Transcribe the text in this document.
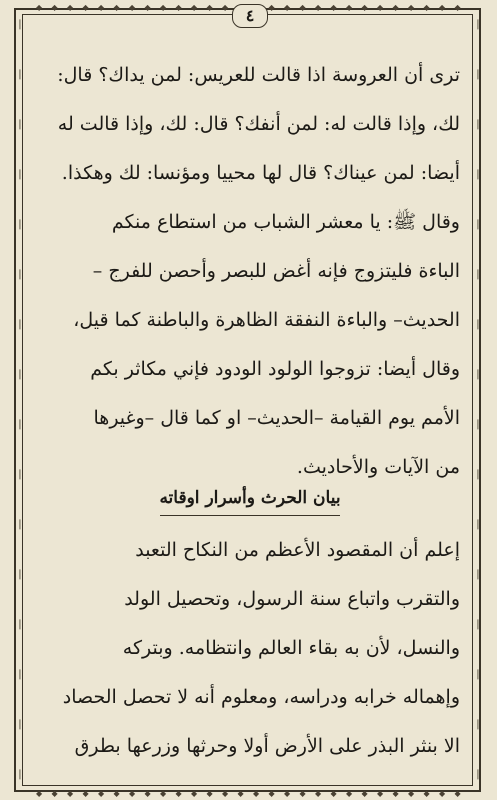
❘
❘
❘
❘
❘
❘
❘
❘
❘
❘
❘
❘
❘
❘
❘
❘
❘
❘
❘
❘
❘
❘
❘
❘
❘
❘
❘
❘
❘
❘
❘
❘
◆ ◆ ◆ ◆ ◆ ◆ ◆ ◆ ◆ ◆ ◆ ◆ ◆	◆ ◆ ◆ ◆ ◆ ◆ ◆ ◆ ◆ ◆ ◆ ◆ ◆
◆ ◆ ◆ ◆ ◆ ◆ ◆ ◆ ◆ ◆ ◆ ◆ ◆ ◆ ◆ ◆ ◆ ◆ ◆ ◆ ◆ ◆ ◆ ◆ ◆ ◆ ◆ ◆
٤
ترى أن العروسة اذا قالت للعريس: لمن يداك؟ قال:
لك، وإذا قالت له: لمن أنفك؟ قال: لك، وإذا قالت له
أيضا: لمن عيناك؟ قال لها محييا ومؤنسا: لك وهكذا.
وقال ﷺ: يا معشر الشباب من استطاع منكم
الباءة فليتزوج فإنه أغض للبصر وأحصن للفرج –
الحديث– والباءة النفقة الظاهرة والباطنة كما قيل،
وقال أيضا: تزوجوا الولود الودود فإني مكاثر بكم
الأمم يوم القيامة –الحديث– او كما قال –وغيرها
من الآيات والأحاديث.
بيان الحرث وأسرار اوقاته
إعلم أن المقصود الأعظم من النكاح التعبد
والتقرب واتباع سنة الرسول، وتحصيل الولد
والنسل، لأن به بقاء العالم وانتظامه. وبتركه
وإهماله خرابه ودراسه، ومعلوم أنه لا تحصل الحصاد
الا بنثر البذر على الأرض أولا وحرثها وزرعها بطرق
